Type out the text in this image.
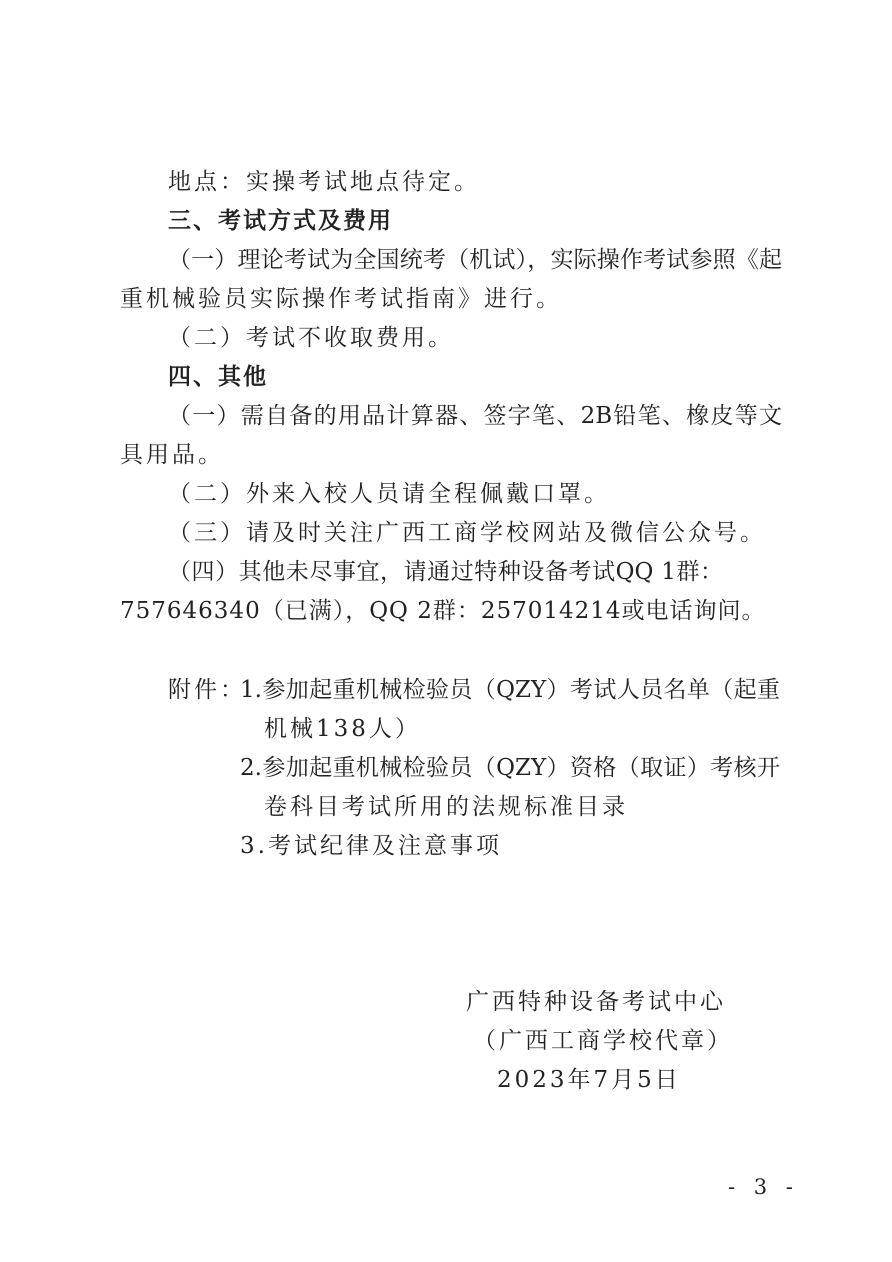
地点：实操考试地点待定。
三、考试方式及费用
（一）理论考试为全国统考（机试），实际操作考试参照《起
重机械验员实际操作考试指南》进行。
（二）考试不收取费用。
四、其他
（一）需自备的用品计算器、签字笔、2B铅笔、橡皮等文
具用品。
（二）外来入校人员请全程佩戴口罩。
（三）请及时关注广西工商学校网站及微信公众号。
（四）其他未尽事宜，请通过特种设备考试QQ 1群：
757646340（已满），QQ 2群：257014214或电话询问。
附件：
1.参加起重机械检验员（QZY）考试人员名单（起重
机械138人）
2.参加起重机械检验员（QZY）资格（取证）考核开
卷科目考试所用的法规标准目录
3.考试纪律及注意事项
广西特种设备考试中心
（广西工商学校代章）
2023年7月5日
- 3 -
